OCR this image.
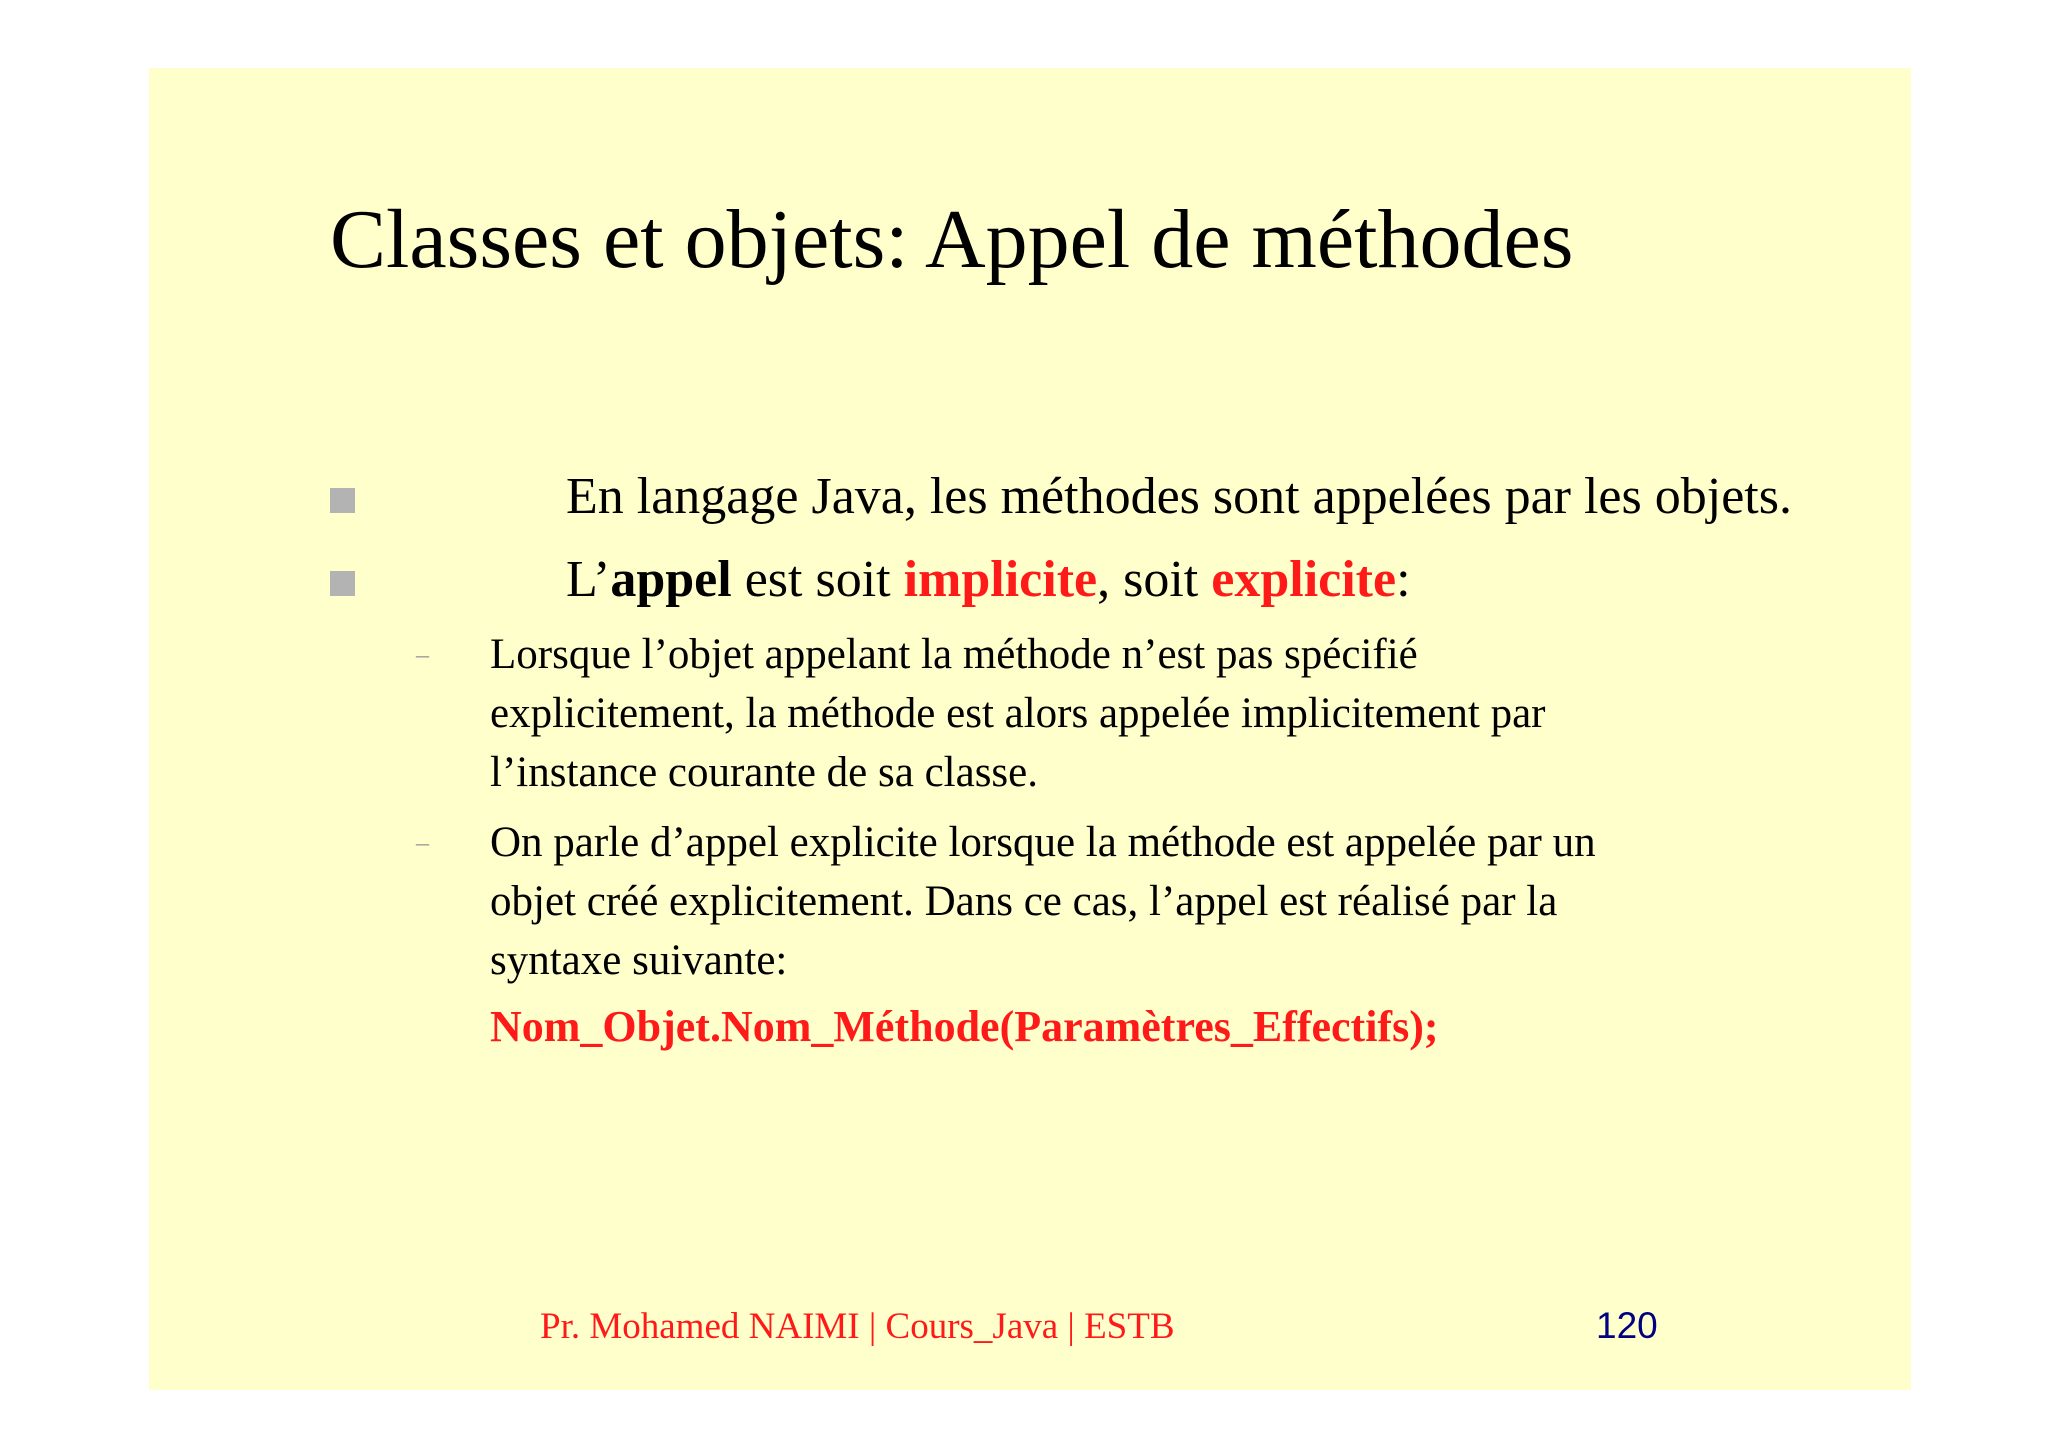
Classes et objets: Appel de méthodes
En langage Java, les méthodes sont appelées par les objets.
L’appel est soit implicite, soit explicite:
– Lorsque l’objet appelant la méthode n’est pas spécifié
explicitement, la méthode est alors appelée implicitement par
l’instance courante de sa classe.
– On parle d’appel explicite lorsque la méthode est appelée par un
objet créé explicitement. Dans ce cas, l’appel est réalisé par la
syntaxe suivante:
Nom_Objet.Nom_Méthode(Paramètres_Effectifs);
Pr. Mohamed NAIMI | Cours_Java | ESTB	120
